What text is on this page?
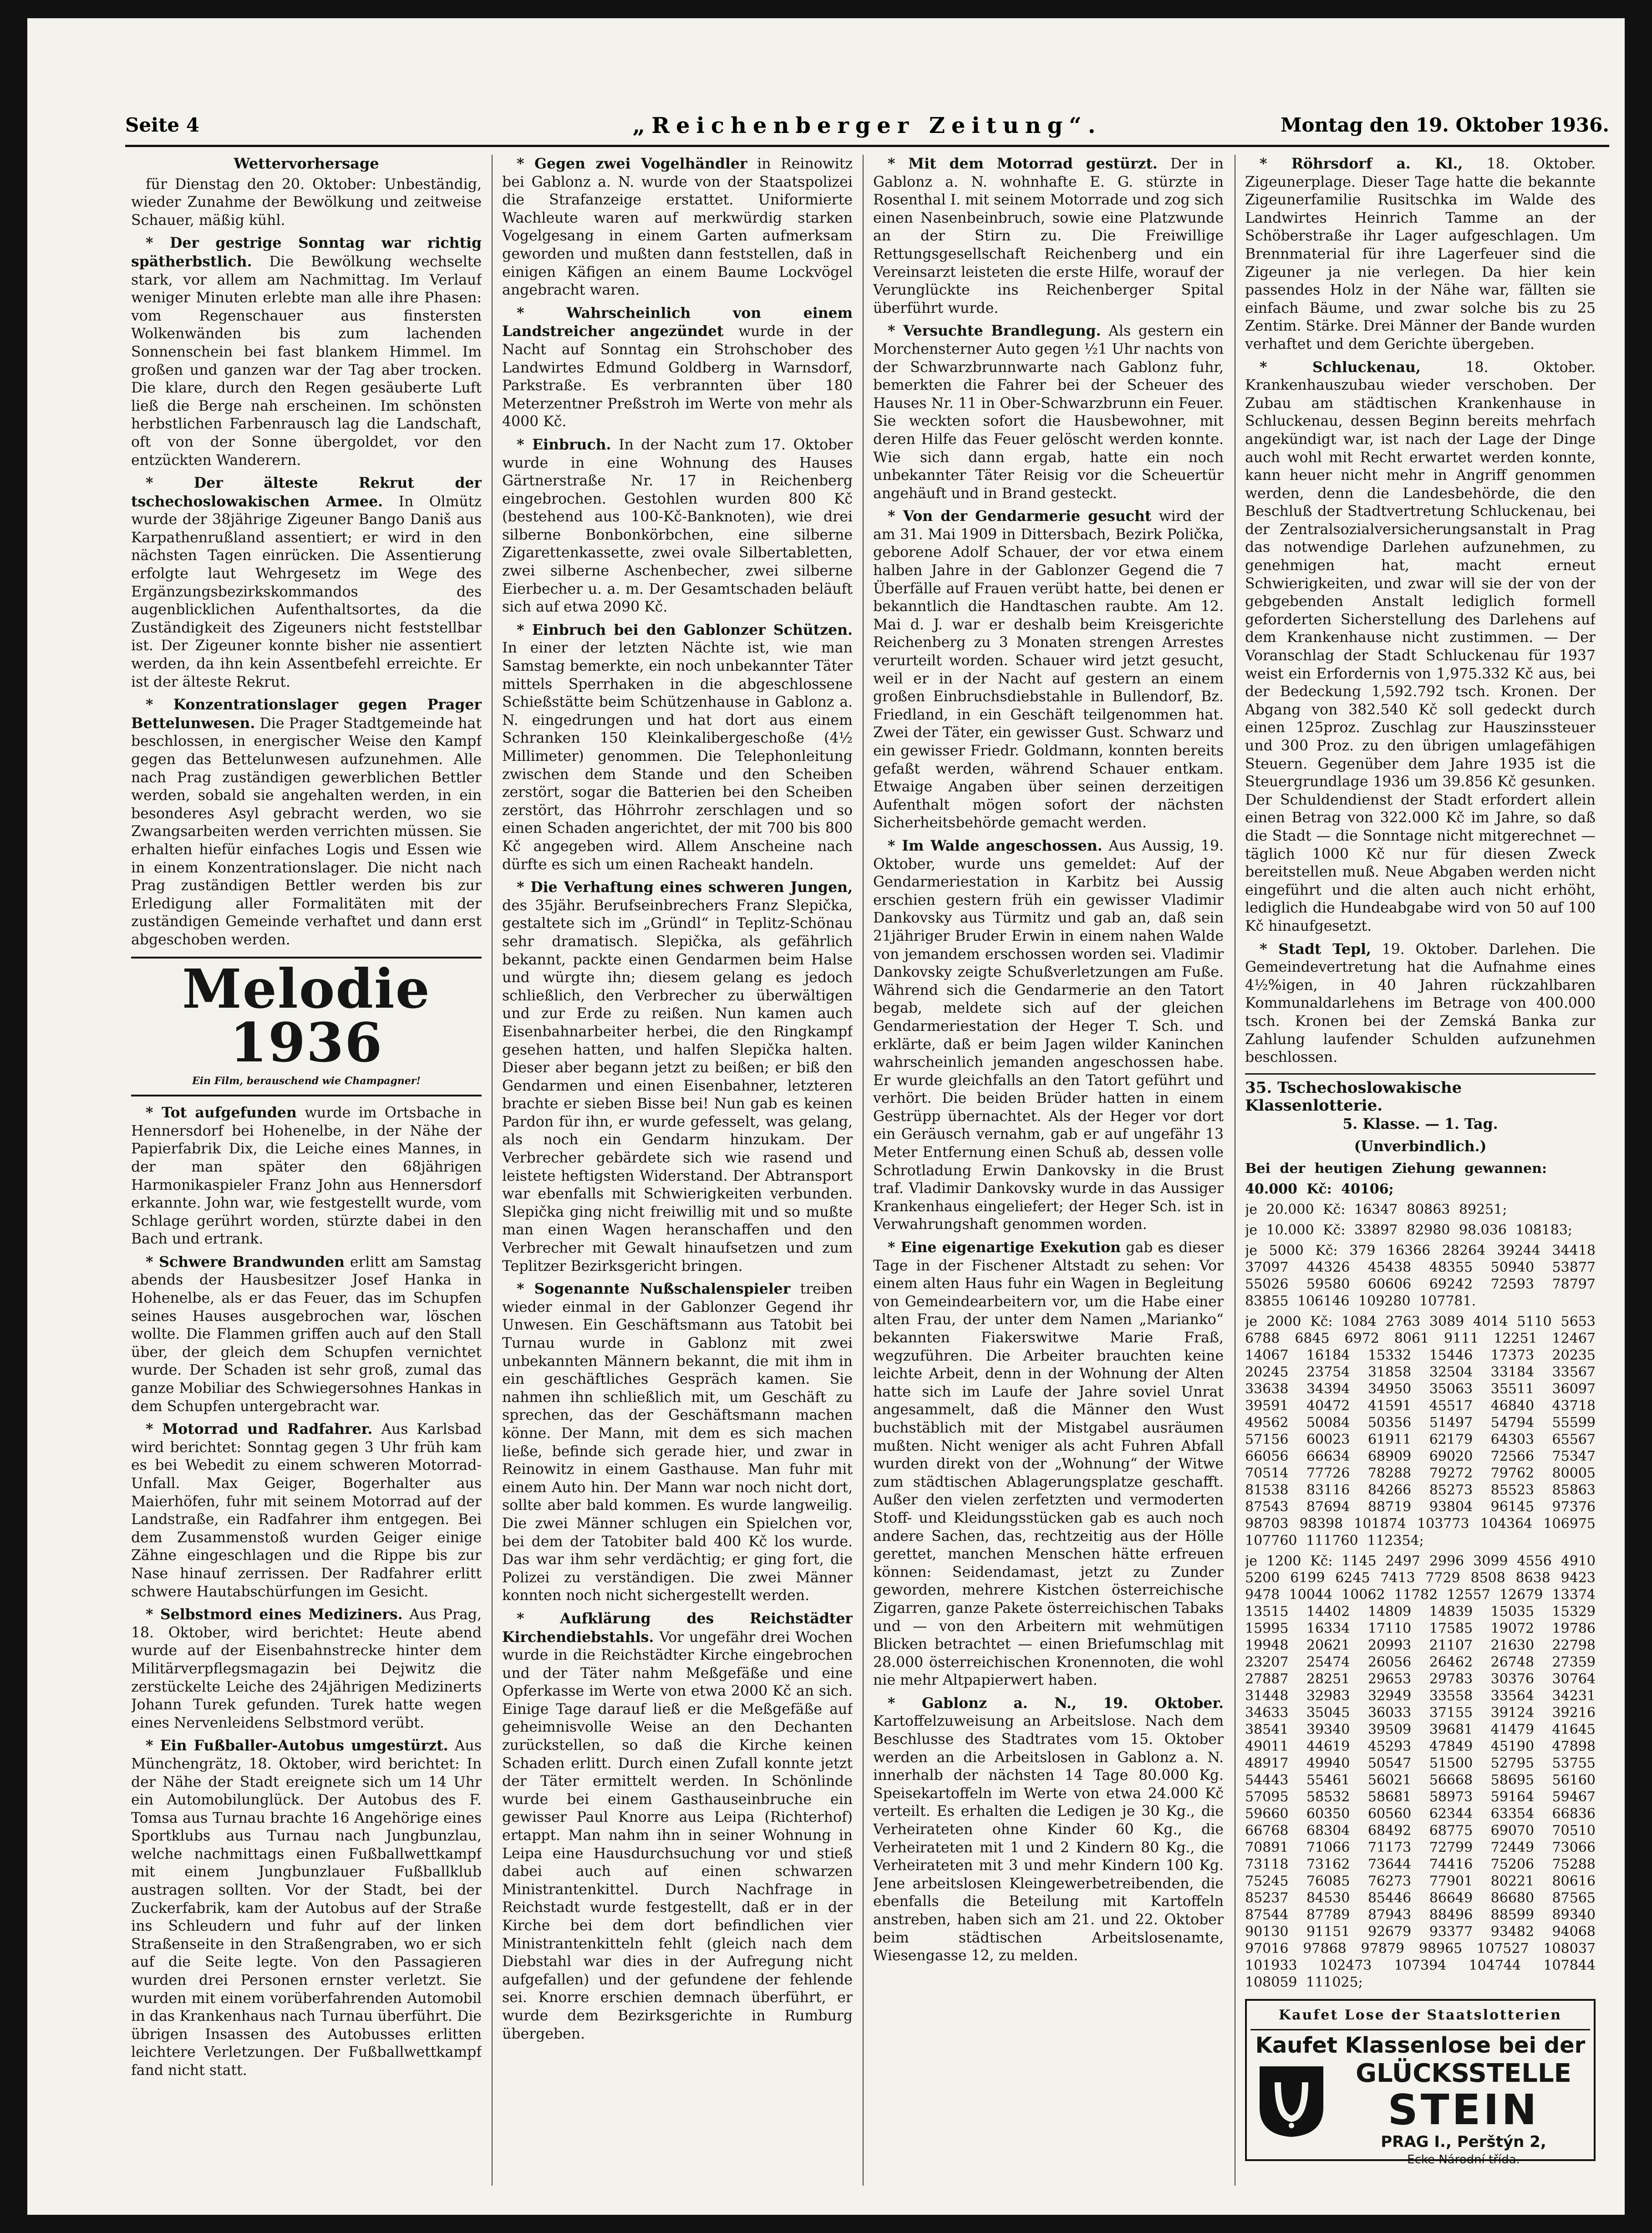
Seite 4	„Reichenberger Zeitung“.	Montag den 19. Oktober 1936.
Wettervorhersage

für Dienstag den 20. Oktober: Unbeständig, wieder Zunahme der Bewölkung und zeitweise Schauer, mäßig kühl.

* Der gestrige Sonntag war richtig spätherbstlich. Die Bewölkung wechselte stark, vor allem am Nachmittag. Im Verlauf weniger Minuten erlebte man alle ihre Phasen: vom Regenschauer aus finstersten Wolkenwänden bis zum lachenden Sonnenschein bei fast blankem Himmel. Im großen und ganzen war der Tag aber trocken. Die klare, durch den Regen gesäuberte Luft ließ die Berge nah erscheinen. Im schönsten herbstlichen Farbenrausch lag die Landschaft, oft von der Sonne übergoldet, vor den entzückten Wanderern.

* Der älteste Rekrut der tschechoslowakischen Armee. In Olmütz wurde der 38jährige Zigeuner Bango Daniš aus Karpathenrußland assentiert; er wird in den nächsten Tagen einrücken. Die Assentierung erfolgte laut Wehrgesetz im Wege des Ergänzungsbezirkskommandos des augenblicklichen Aufenthaltsortes, da die Zuständigkeit des Zigeuners nicht feststellbar ist. Der Zigeuner konnte bisher nie assentiert werden, da ihn kein Assentbefehl erreichte. Er ist der älteste Rekrut.

* Konzentrationslager gegen Prager Bettelunwesen. Die Prager Stadtgemeinde hat beschlossen, in energischer Weise den Kampf gegen das Bettelunwesen aufzunehmen. Alle nach Prag zuständigen gewerblichen Bettler werden, sobald sie angehalten werden, in ein besonderes Asyl gebracht werden, wo sie Zwangsarbeiten werden verrichten müssen. Sie erhalten hiefür einfaches Logis und Essen wie in einem Konzentrationslager. Die nicht nach Prag zuständigen Bettler werden bis zur Erledigung aller Formalitäten mit der zuständigen Gemeinde verhaftet und dann erst abgeschoben werden.

Melodie 1936
Ein Film, berauschend wie Champagner!

* Tot aufgefunden wurde im Ortsbache in Hennersdorf bei Hohenelbe, in der Nähe der Papierfabrik Dix, die Leiche eines Mannes, in der man später den 68jährigen Harmonikaspieler Franz John aus Hennersdorf erkannte. John war, wie festgestellt wurde, vom Schlage gerührt worden, stürzte dabei in den Bach und ertrank.

* Schwere Brandwunden erlitt am Samstag abends der Hausbesitzer Josef Hanka in Hohenelbe, als er das Feuer, das im Schupfen seines Hauses ausgebrochen war, löschen wollte. Die Flammen griffen auch auf den Stall über, der gleich dem Schupfen vernichtet wurde. Der Schaden ist sehr groß, zumal das ganze Mobiliar des Schwiegersohnes Hankas in dem Schupfen untergebracht war.

* Motorrad und Radfahrer. Aus Karlsbad wird berichtet: Sonntag gegen 3 Uhr früh kam es bei Webedit zu einem schweren Motorrad-Unfall. Max Geiger, Bogerhalter aus Maierhöfen, fuhr mit seinem Motorrad auf der Landstraße, ein Radfahrer ihm entgegen. Bei dem Zusammenstoß wurden Geiger einige Zähne eingeschlagen und die Rippe bis zur Nase hinauf zerrissen. Der Radfahrer erlitt schwere Hautabschürfungen im Gesicht.

* Selbstmord eines Mediziners. Aus Prag, 18. Oktober, wird berichtet: Heute abend wurde auf der Eisenbahnstrecke hinter dem Militärverpflegsmagazin bei Dejwitz die zerstückelte Leiche des 24jährigen Medizinerts Johann Turek gefunden. Turek hatte wegen eines Nervenleidens Selbstmord verübt.

* Ein Fußballer-Autobus umgestürzt. Aus Münchengrätz, 18. Oktober, wird berichtet: In der Nähe der Stadt ereignete sich um 14 Uhr ein Automobilunglück. Der Autobus des F. Tomsa aus Turnau brachte 16 Angehörige eines Sportklubs aus Turnau nach Jungbunzlau, welche nachmittags einen Fußballwettkampf mit einem Jungbunzlauer Fußballklub austragen sollten. Vor der Stadt, bei der Zuckerfabrik, kam der Autobus auf der Straße ins Schleudern und fuhr auf der linken Straßenseite in den Straßengraben, wo er sich auf die Seite legte. Von den Passagieren wurden drei Personen ernster verletzt. Sie wurden mit einem vorüberfahrenden Automobil in das Krankenhaus nach Turnau überführt. Die übrigen Insassen des Autobusses erlitten leichtere Verletzungen. Der Fußballwettkampf fand nicht statt.

* Gegen zwei Vogelhändler in Reinowitz bei Gablonz a. N. wurde von der Staatspolizei die Strafanzeige erstattet. Uniformierte Wachleute waren auf merkwürdig starken Vogelgesang in einem Garten aufmerksam geworden und mußten dann feststellen, daß in einigen Käfigen an einem Baume Lockvögel angebracht waren.

* Wahrscheinlich von einem Landstreicher angezündet wurde in der Nacht auf Sonntag ein Strohschober des Landwirtes Edmund Goldberg in Warnsdorf, Parkstraße. Es verbrannten über 180 Meterzentner Preßstroh im Werte von mehr als 4000 Kč.

* Einbruch. In der Nacht zum 17. Oktober wurde in eine Wohnung des Hauses Gärtnerstraße Nr. 17 in Reichenberg eingebrochen. Gestohlen wurden 800 Kč (bestehend aus 100-Kč-Banknoten), wie drei silberne Bonbonkörbchen, eine silberne Zigarettenkassette, zwei ovale Silbertabletten, zwei silberne Aschenbecher, zwei silberne Eierbecher u. a. m. Der Gesamtschaden beläuft sich auf etwa 2090 Kč.

* Einbruch bei den Gablonzer Schützen. In einer der letzten Nächte ist, wie man Samstag bemerkte, ein noch unbekannter Täter mittels Sperrhaken in die abgeschlossene Schießstätte beim Schützenhause in Gablonz a. N. eingedrungen und hat dort aus einem Schranken 150 Kleinkalibergeschoße (4½ Millimeter) genommen. Die Telephonleitung zwischen dem Stande und den Scheiben zerstört, sogar die Batterien bei den Scheiben zerstört, das Höhrrohr zerschlagen und so einen Schaden angerichtet, der mit 700 bis 800 Kč angegeben wird. Allem Anscheine nach dürfte es sich um einen Racheakt handeln.

* Die Verhaftung eines schweren Jungen, des 35jähr. Berufseinbrechers Franz Slepička, gestaltete sich im „Gründl“ in Teplitz-Schönau sehr dramatisch. Slepička, als gefährlich bekannt, packte einen Gendarmen beim Halse und würgte ihn; diesem gelang es jedoch schließlich, den Verbrecher zu überwältigen und zur Erde zu reißen. Nun kamen auch Eisenbahnarbeiter herbei, die den Ringkampf gesehen hatten, und halfen Slepička halten. Dieser aber begann jetzt zu beißen; er biß den Gendarmen und einen Eisenbahner, letzteren brachte er sieben Bisse bei! Nun gab es keinen Pardon für ihn, er wurde gefesselt, was gelang, als noch ein Gendarm hinzukam. Der Verbrecher gebärdete sich wie rasend und leistete heftigsten Widerstand. Der Abtransport war ebenfalls mit Schwierigkeiten verbunden. Slepička ging nicht freiwillig mit und so mußte man einen Wagen heranschaffen und den Verbrecher mit Gewalt hinaufsetzen und zum Teplitzer Bezirksgericht bringen.

* Sogenannte Nußschalenspieler treiben wieder einmal in der Gablonzer Gegend ihr Unwesen. Ein Geschäftsmann aus Tatobit bei Turnau wurde in Gablonz mit zwei unbekannten Männern bekannt, die mit ihm in ein geschäftliches Gespräch kamen. Sie nahmen ihn schließlich mit, um Geschäft zu sprechen, das der Geschäftsmann machen könne. Der Mann, mit dem es sich machen ließe, befinde sich gerade hier, und zwar in Reinowitz in einem Gasthause. Man fuhr mit einem Auto hin. Der Mann war noch nicht dort, sollte aber bald kommen. Es wurde langweilig. Die zwei Männer schlugen ein Spielchen vor, bei dem der Tatobiter bald 400 Kč los wurde. Das war ihm sehr verdächtig; er ging fort, die Polizei zu verständigen. Die zwei Männer konnten noch nicht sichergestellt werden.

* Aufklärung des Reichstädter Kirchendiebstahls. Vor ungefähr drei Wochen wurde in die Reichstädter Kirche eingebrochen und der Täter nahm Meßgefäße und eine Opferkasse im Werte von etwa 2000 Kč an sich. Einige Tage darauf ließ er die Meßgefäße auf geheimnisvolle Weise an den Dechanten zurückstellen, so daß die Kirche keinen Schaden erlitt. Durch einen Zufall konnte jetzt der Täter ermittelt werden. In Schönlinde wurde bei einem Gasthauseinbruche ein gewisser Paul Knorre aus Leipa (Richterhof) ertappt. Man nahm ihn in seiner Wohnung in Leipa eine Hausdurchsuchung vor und stieß dabei auch auf einen schwarzen Ministrantenkittel. Durch Nachfrage in Reichstadt wurde festgestellt, daß er in der Kirche bei dem dort befindlichen vier Ministrantenkitteln fehlt (gleich nach dem Diebstahl war dies in der Aufregung nicht aufgefallen) und der gefundene der fehlende sei. Knorre erschien demnach überführt, er wurde dem Bezirksgerichte in Rumburg übergeben.

* Mit dem Motorrad gestürzt. Der in Gablonz a. N. wohnhafte E. G. stürzte in Rosenthal I. mit seinem Motorrade und zog sich einen Nasenbeinbruch, sowie eine Platzwunde an der Stirn zu. Die Freiwillige Rettungsgesellschaft Reichenberg und ein Vereinsarzt leisteten die erste Hilfe, worauf der Verunglückte ins Reichenberger Spital überführt wurde.

* Versuchte Brandlegung. Als gestern ein Morchensterner Auto gegen ½1 Uhr nachts von der Schwarzbrunnwarte nach Gablonz fuhr, bemerkten die Fahrer bei der Scheuer des Hauses Nr. 11 in Ober-Schwarzbrunn ein Feuer. Sie weckten sofort die Hausbewohner, mit deren Hilfe das Feuer gelöscht werden konnte. Wie sich dann ergab, hatte ein noch unbekannter Täter Reisig vor die Scheuertür angehäuft und in Brand gesteckt.

* Von der Gendarmerie gesucht wird der am 31. Mai 1909 in Dittersbach, Bezirk Polička, geborene Adolf Schauer, der vor etwa einem halben Jahre in der Gablonzer Gegend die 7 Überfälle auf Frauen verübt hatte, bei denen er bekanntlich die Handtaschen raubte. Am 12. Mai d. J. war er deshalb beim Kreisgerichte Reichenberg zu 3 Monaten strengen Arrestes verurteilt worden. Schauer wird jetzt gesucht, weil er in der Nacht auf gestern an einem großen Einbruchsdiebstahle in Bullendorf, Bz. Friedland, in ein Geschäft teilgenommen hat. Zwei der Täter, ein gewisser Gust. Schwarz und ein gewisser Friedr. Goldmann, konnten bereits gefaßt werden, während Schauer entkam. Etwaige Angaben über seinen derzeitigen Aufenthalt mögen sofort der nächsten Sicherheitsbehörde gemacht werden.

* Im Walde angeschossen. Aus Aussig, 19. Oktober, wurde uns gemeldet: Auf der Gendarmeriestation in Karbitz bei Aussig erschien gestern früh ein gewisser Vladimir Dankovsky aus Türmitz und gab an, daß sein 21jähriger Bruder Erwin in einem nahen Walde von jemandem erschossen worden sei. Vladimir Dankovsky zeigte Schußverletzungen am Fuße. Während sich die Gendarmerie an den Tatort begab, meldete sich auf der gleichen Gendarmeriestation der Heger T. Sch. und erklärte, daß er beim Jagen wilder Kaninchen wahrscheinlich jemanden angeschossen habe. Er wurde gleichfalls an den Tatort geführt und verhört. Die beiden Brüder hatten in einem Gestrüpp übernachtet. Als der Heger vor dort ein Geräusch vernahm, gab er auf ungefähr 13 Meter Entfernung einen Schuß ab, dessen volle Schrotladung Erwin Dankovsky in die Brust traf. Vladimir Dankovsky wurde in das Aussiger Krankenhaus eingeliefert; der Heger Sch. ist in Verwahrungshaft genommen worden.

* Eine eigenartige Exekution gab es dieser Tage in der Fischener Altstadt zu sehen: Vor einem alten Haus fuhr ein Wagen in Begleitung von Gemeindearbeitern vor, um die Habe einer alten Frau, der unter dem Namen „Marianko“ bekannten Fiakerswitwe Marie Fraß, wegzuführen. Die Arbeiter brauchten keine leichte Arbeit, denn in der Wohnung der Alten hatte sich im Laufe der Jahre soviel Unrat angesammelt, daß die Männer den Wust buchstäblich mit der Mistgabel ausräumen mußten. Nicht weniger als acht Fuhren Abfall wurden direkt von der „Wohnung“ der Witwe zum städtischen Ablagerungsplatze geschafft. Außer den vielen zerfetzten und vermoderten Stoff- und Kleidungsstücken gab es auch noch andere Sachen, das, rechtzeitig aus der Hölle gerettet, manchen Menschen hätte erfreuen können: Seidendamast, jetzt zu Zunder geworden, mehrere Kistchen österreichische Zigarren, ganze Pakete österreichischen Tabaks und — von den Arbeitern mit wehmütigen Blicken betrachtet — einen Briefumschlag mit 28.000 österreichischen Kronennoten, die wohl nie mehr Altpapierwert haben.

* Gablonz a. N., 19. Oktober. Kartoffelzuweisung an Arbeitslose. Nach dem Beschlusse des Stadtrates vom 15. Oktober werden an die Arbeitslosen in Gablonz a. N. innerhalb der nächsten 14 Tage 80.000 Kg. Speisekartoffeln im Werte von etwa 24.000 Kč verteilt. Es erhalten die Ledigen je 30 Kg., die Verheirateten ohne Kinder 60 Kg., die Verheirateten mit 1 und 2 Kindern 80 Kg., die Verheirateten mit 3 und mehr Kindern 100 Kg. Jene arbeitslosen Kleingewerbetreibenden, die ebenfalls die Beteilung mit Kartoffeln anstreben, haben sich am 21. und 22. Oktober beim städtischen Arbeitslosenamte, Wiesengasse 12, zu melden.

* Röhrsdorf a. Kl., 18. Oktober. Zigeunerplage. Dieser Tage hatte die bekannte Zigeunerfamilie Rusitschka im Walde des Landwirtes Heinrich Tamme an der Schöberstraße ihr Lager aufgeschlagen. Um Brennmaterial für ihre Lagerfeuer sind die Zigeuner ja nie verlegen. Da hier kein passendes Holz in der Nähe war, fällten sie einfach Bäume, und zwar solche bis zu 25 Zentim. Stärke. Drei Männer der Bande wurden verhaftet und dem Gerichte übergeben.

* Schluckenau,	18. Oktober. Krankenhauszubau wieder verschoben. Der Zubau am städtischen Krankenhause in Schluckenau, dessen Beginn bereits mehrfach angekündigt war, ist nach der Lage der Dinge auch wohl mit Recht erwartet werden konnte, kann heuer nicht mehr in Angriff genommen werden, denn die Landesbehörde, die den Beschluß der Stadtvertretung Schluckenau, bei der Zentralsozialversicherungsanstalt in Prag das notwendige Darlehen aufzunehmen, zu genehmigen hat, macht erneut Schwierigkeiten, und zwar will sie der von der gebgebenden Anstalt lediglich formell geforderten Sicherstellung des Darlehens auf dem Krankenhause nicht zustimmen. — Der Voranschlag der Stadt Schluckenau für 1937 weist ein Erfordernis von 1,975.332 Kč aus, bei der Bedeckung 1,592.792 tsch. Kronen. Der Abgang von 382.540 Kč soll gedeckt durch einen 125proz. Zuschlag zur Hauszinssteuer und 300 Proz. zu den übrigen umlagefähigen Steuern. Gegenüber dem Jahre 1935 ist die Steuergrundlage 1936 um 39.856 Kč gesunken. Der Schuldendienst der Stadt erfordert allein einen Betrag von 322.000 Kč im Jahre, so daß die Stadt — die Sonntage nicht mitgerechnet — täglich 1000 Kč nur für diesen Zweck bereitstellen muß. Neue Abgaben werden nicht eingeführt und die alten auch nicht erhöht, lediglich die Hundeabgabe wird von 50 auf 100 Kč hinaufgesetzt.

* Stadt Tepl, 19. Oktober. Darlehen. Die Gemeindevertretung hat die Aufnahme eines 4½%igen, in 40 Jahren rückzahlbaren Kommunaldarlehens im Betrage von 400.000 tsch. Kronen bei der Zemská Banka zur Zahlung laufender Schulden aufzunehmen beschlossen.

35. Tschechoslowakische Klassenlotterie.

5. Klasse. — 1. Tag.

(Unverbindlich.)

Bei der heutigen Ziehung gewannen:
40.000 Kč: 40106;
je 20.000 Kč: 16347 80863 89251;
je 10.000 Kč: 33897 82980 98.036 108183;
je 5000 Kč: 379 16366 28264 39244 34418 37097 44326 45438 48355 50940 53877 55026 59580 60606 69242 72593 78797 83855 106146 109280 107781.
je 2000 Kč: 1084 2763 3089 4014 5110 5653 6788 6845 6972 8061 9111 12251 12467 14067 16184 15332 15446 17373 20235 20245 23754 31858 32504 33184 33567 33638 34394 34950 35063 35511 36097 39591 40472 41591 45517 46840 43718 49562 50084 50356 51497 54794 55599 57156 60023 61911 62179 64303 65567 66056 66634 68909 69020 72566 75347 70514 77726 78288 79272 79762 80005 81538 83116 84266 85273 85523 85863 87543 87694 88719 93804 96145 97376 98703 98398 101874 103773 104364 106975 107760 111760 112354;
je 1200 Kč: 1145 2497 2996 3099 4556 4910 5200 6199 6245 7413 7729 8508 8638 9423 9478 10044 10062 11782 12557 12679 13374 13515 14402 14809 14839 15035 15329 15995 16334 17110 17585 19072 19786 19948 20621 20993 21107 21630 22798 23207 25474 26056 26462 26748 27359 27887 28251 29653 29783 30376 30764 31448 32983 32949 33558 33564 34231 34633 35045 36033 37155 39124 39216 38541 39340 39509 39681 41479 41645 49011 44619 45293 47849 45190 47898 48917 49940 50547 51500 52795 53755 54443 55461 56021 56668 58695 56160 57095 58532 58681 58973 59164 59467 59660 60350 60560 62344 63354 66836 66768 68304 68492 68775 69070 70510 70891 71066 71173 72799 72449 73066 73118 73162 73644 74416 75206 75288 75245 76085 76273 77901 80221 80616 85237 84530 85446 86649 86680 87565 87544 87789 87943 88496 88599 89340 90130 91151 92679 93377 93482 94068 97016 97868 97879 98965 107527 108037 101933 102473 107394 104744 107844 108059 111025;
Kaufet Lose der Staatslotterien
Kaufet Klassenlose bei der
GLÜCKSSTELLE
STEIN
PRAG I., Perštýn 2,
Ecke Národní třída.
